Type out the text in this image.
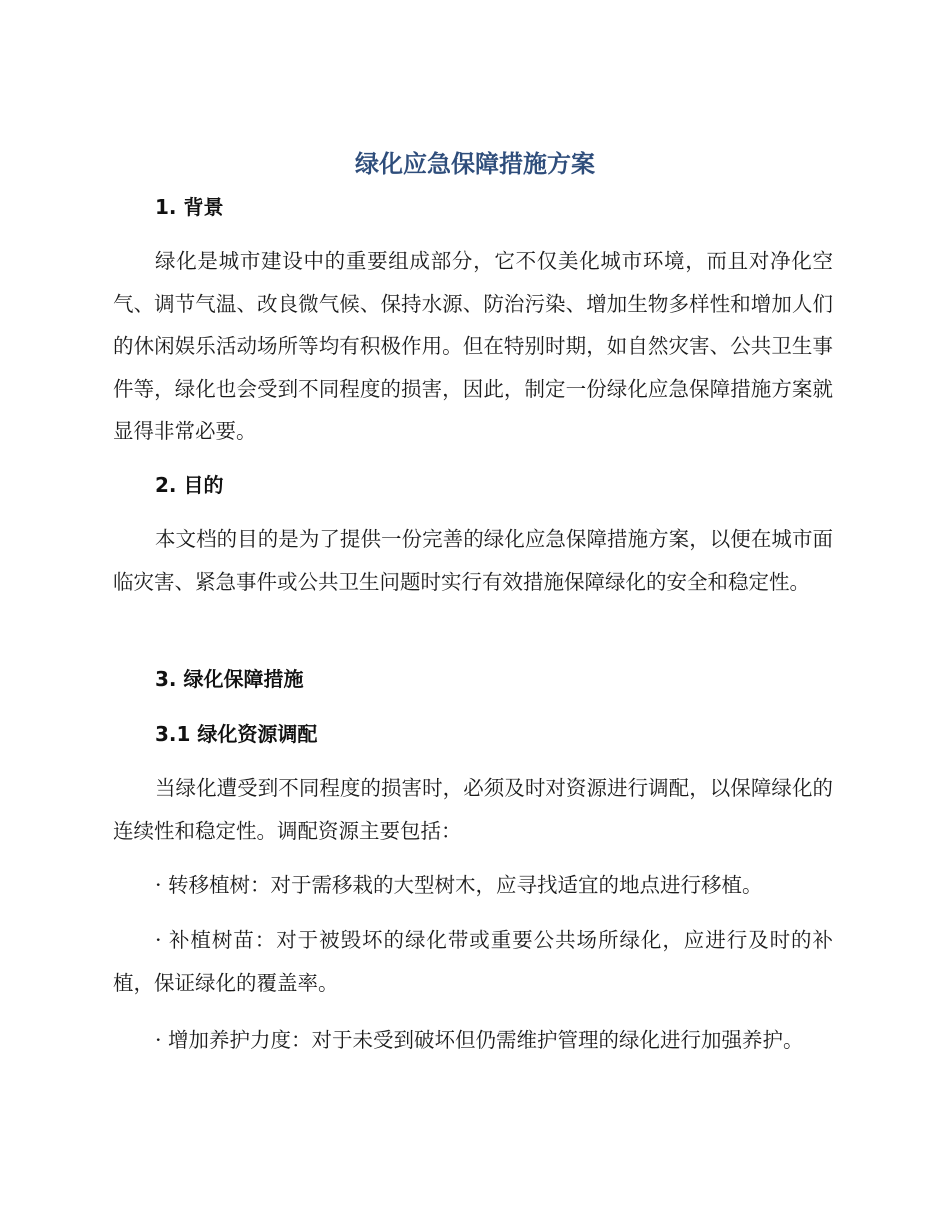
绿化应急保障措施方案
1. 背景

绿化是城市建设中的重要组成部分，它不仅美化城市环境，而且对净化空气、调节气温、改良微气候、保持水源、防治污染、增加生物多样性和增加人们的休闲娱乐活动场所等均有积极作用。但在特别时期，如自然灾害、公共卫生事件等，绿化也会受到不同程度的损害，因此，制定一份绿化应急保障措施方案就显得非常必要。

2. 目的

本文档的目的是为了提供一份完善的绿化应急保障措施方案，以便在城市面临灾害、紧急事件或公共卫生问题时实行有效措施保障绿化的安全和稳定性。

3. 绿化保障措施
3.1 绿化资源调配

当绿化遭受到不同程度的损害时，必须及时对资源进行调配，以保障绿化的连续性和稳定性。调配资源主要包括：

· 转移植树：对于需移栽的大型树木，应寻找适宜的地点进行移植。

· 补植树苗：对于被毁坏的绿化带或重要公共场所绿化，应进行及时的补植，保证绿化的覆盖率。

· 增加养护力度：对于未受到破坏但仍需维护管理的绿化进行加强养护。
